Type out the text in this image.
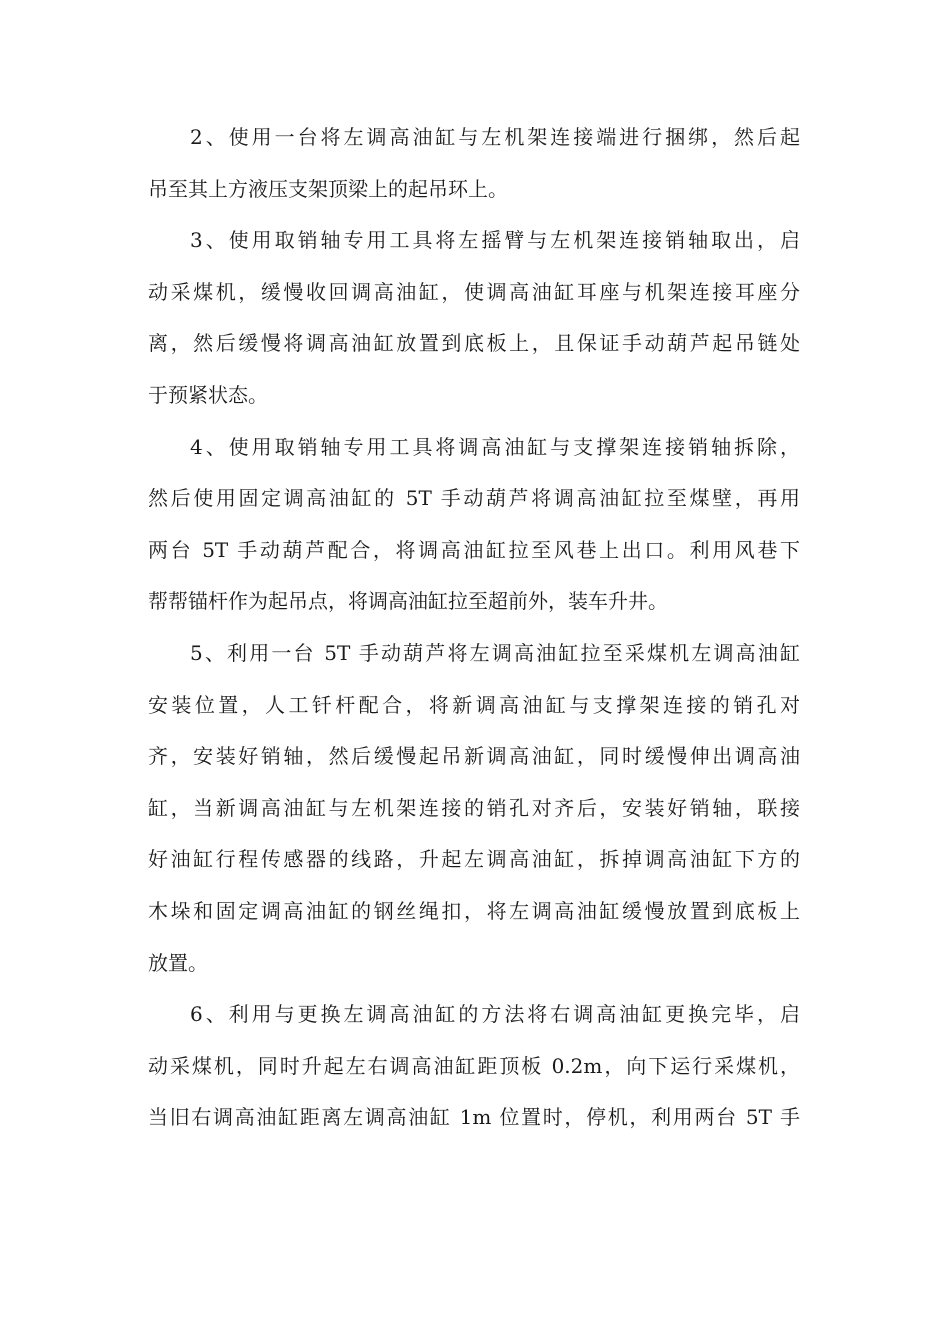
2、使用一台将左调高油缸与左机架连接端进行捆绑，然后起
吊至其上方液压支架顶梁上的起吊环上。
3、使用取销轴专用工具将左摇臂与左机架连接销轴取出，启
动采煤机，缓慢收回调高油缸，使调高油缸耳座与机架连接耳座分
离，然后缓慢将调高油缸放置到底板上，且保证手动葫芦起吊链处
于预紧状态。
4、使用取销轴专用工具将调高油缸与支撑架连接销轴拆除，
然后使用固定调高油缸的 5T 手动葫芦将调高油缸拉至煤壁，再用
两台 5T 手动葫芦配合，将调高油缸拉至风巷上出口。利用风巷下
帮帮锚杆作为起吊点，将调高油缸拉至超前外，装车升井。
5、利用一台 5T 手动葫芦将左调高油缸拉至采煤机左调高油缸
安装位置，人工钎杆配合，将新调高油缸与支撑架连接的销孔对
齐，安装好销轴，然后缓慢起吊新调高油缸，同时缓慢伸出调高油
缸，当新调高油缸与左机架连接的销孔对齐后，安装好销轴，联接
好油缸行程传感器的线路，升起左调高油缸，拆掉调高油缸下方的
木垛和固定调高油缸的钢丝绳扣，将左调高油缸缓慢放置到底板上
放置。
6、利用与更换左调高油缸的方法将右调高油缸更换完毕，启
动采煤机，同时升起左右调高油缸距顶板 0.2m，向下运行采煤机，
当旧右调高油缸距离左调高油缸 1m 位置时，停机，利用两台 5T 手
